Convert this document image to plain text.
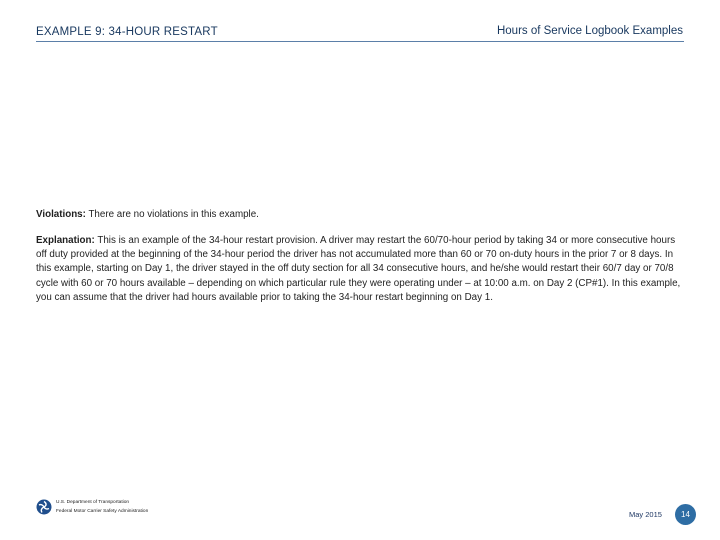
EXAMPLE 9: 34-HOUR RESTART	Hours of Service Logbook Examples
Violations: There are no violations in this example.
Explanation: This is an example of the 34-hour restart provision. A driver may restart the 60/70-hour period by taking 34 or more consecutive hours off duty provided at the beginning of the 34-hour period the driver has not accumulated more than 60 or 70 on-duty hours in the prior 7 or 8 days. In this example, starting on Day 1, the driver stayed in the off duty section for all 34 consecutive hours, and he/she would restart their 60/7 day or 70/8 cycle with 60 or 70 hours available – depending on which particular rule they were operating under – at 10:00 a.m. on Day 2 (CP#1). In this example, you can assume that the driver had hours available prior to taking the 34-hour restart beginning on Day 1.
U.S. Department of Transportation
Federal Motor Carrier Safety Administration	May 2015	14
